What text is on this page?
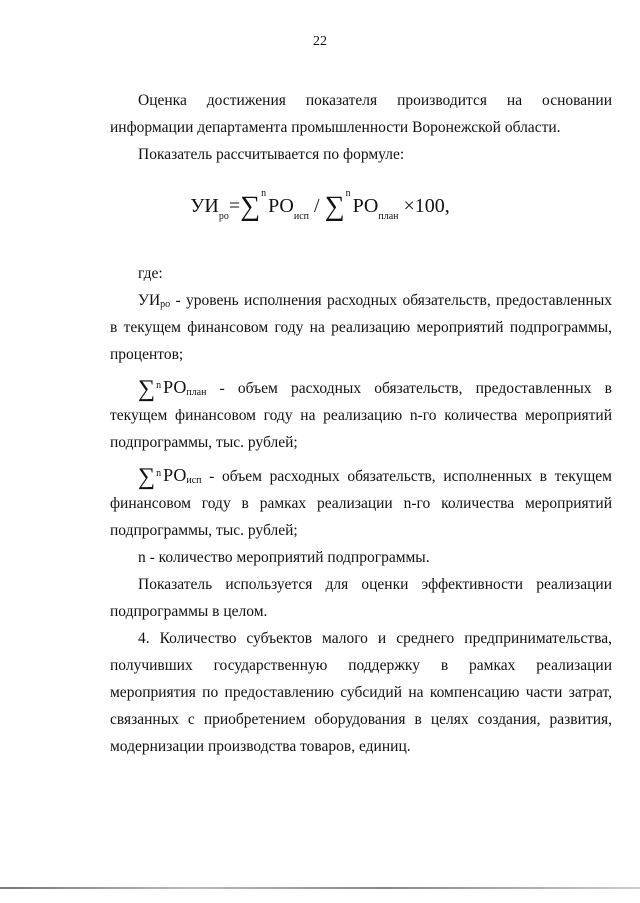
22

Оценка достижения показателя производится на основании информации департамента промышленности Воронежской области.

Показатель рассчитывается по формуле:

$УИ_{ро}=\sum^nРО_{исп} / \sum^nРО_{план} \times 100$,

где:

$УИ_{ро}$ - уровень исполнения расходных обязательств, предоставленных в текущем финансовом году на реализацию мероприятий подпрограммы, процентов;

∑$^n$ $РО_{план}$ - объем расходных обязательств, предоставленных в текущем финансовом году на реализацию n-го количества мероприятий подпрограммы, тыс. рублей;

∑$^n$ $РО_{исп}$ - объем расходных обязательств, исполненных в текущем финансовом году в рамках реализации n-го количества мероприятий подпрограммы, тыс. рублей;

n - количество мероприятий подпрограммы.

Показатель используется для оценки эффективности реализации подпрограммы в целом.

4. Количество субъектов малого и среднего предпринимательства, получивших государственную поддержку в рамках реализации мероприятия по предоставлению субсидий на компенсацию части затрат, связанных с приобретением оборудования в целях создания, развития, модернизации производства товаров, единиц.
